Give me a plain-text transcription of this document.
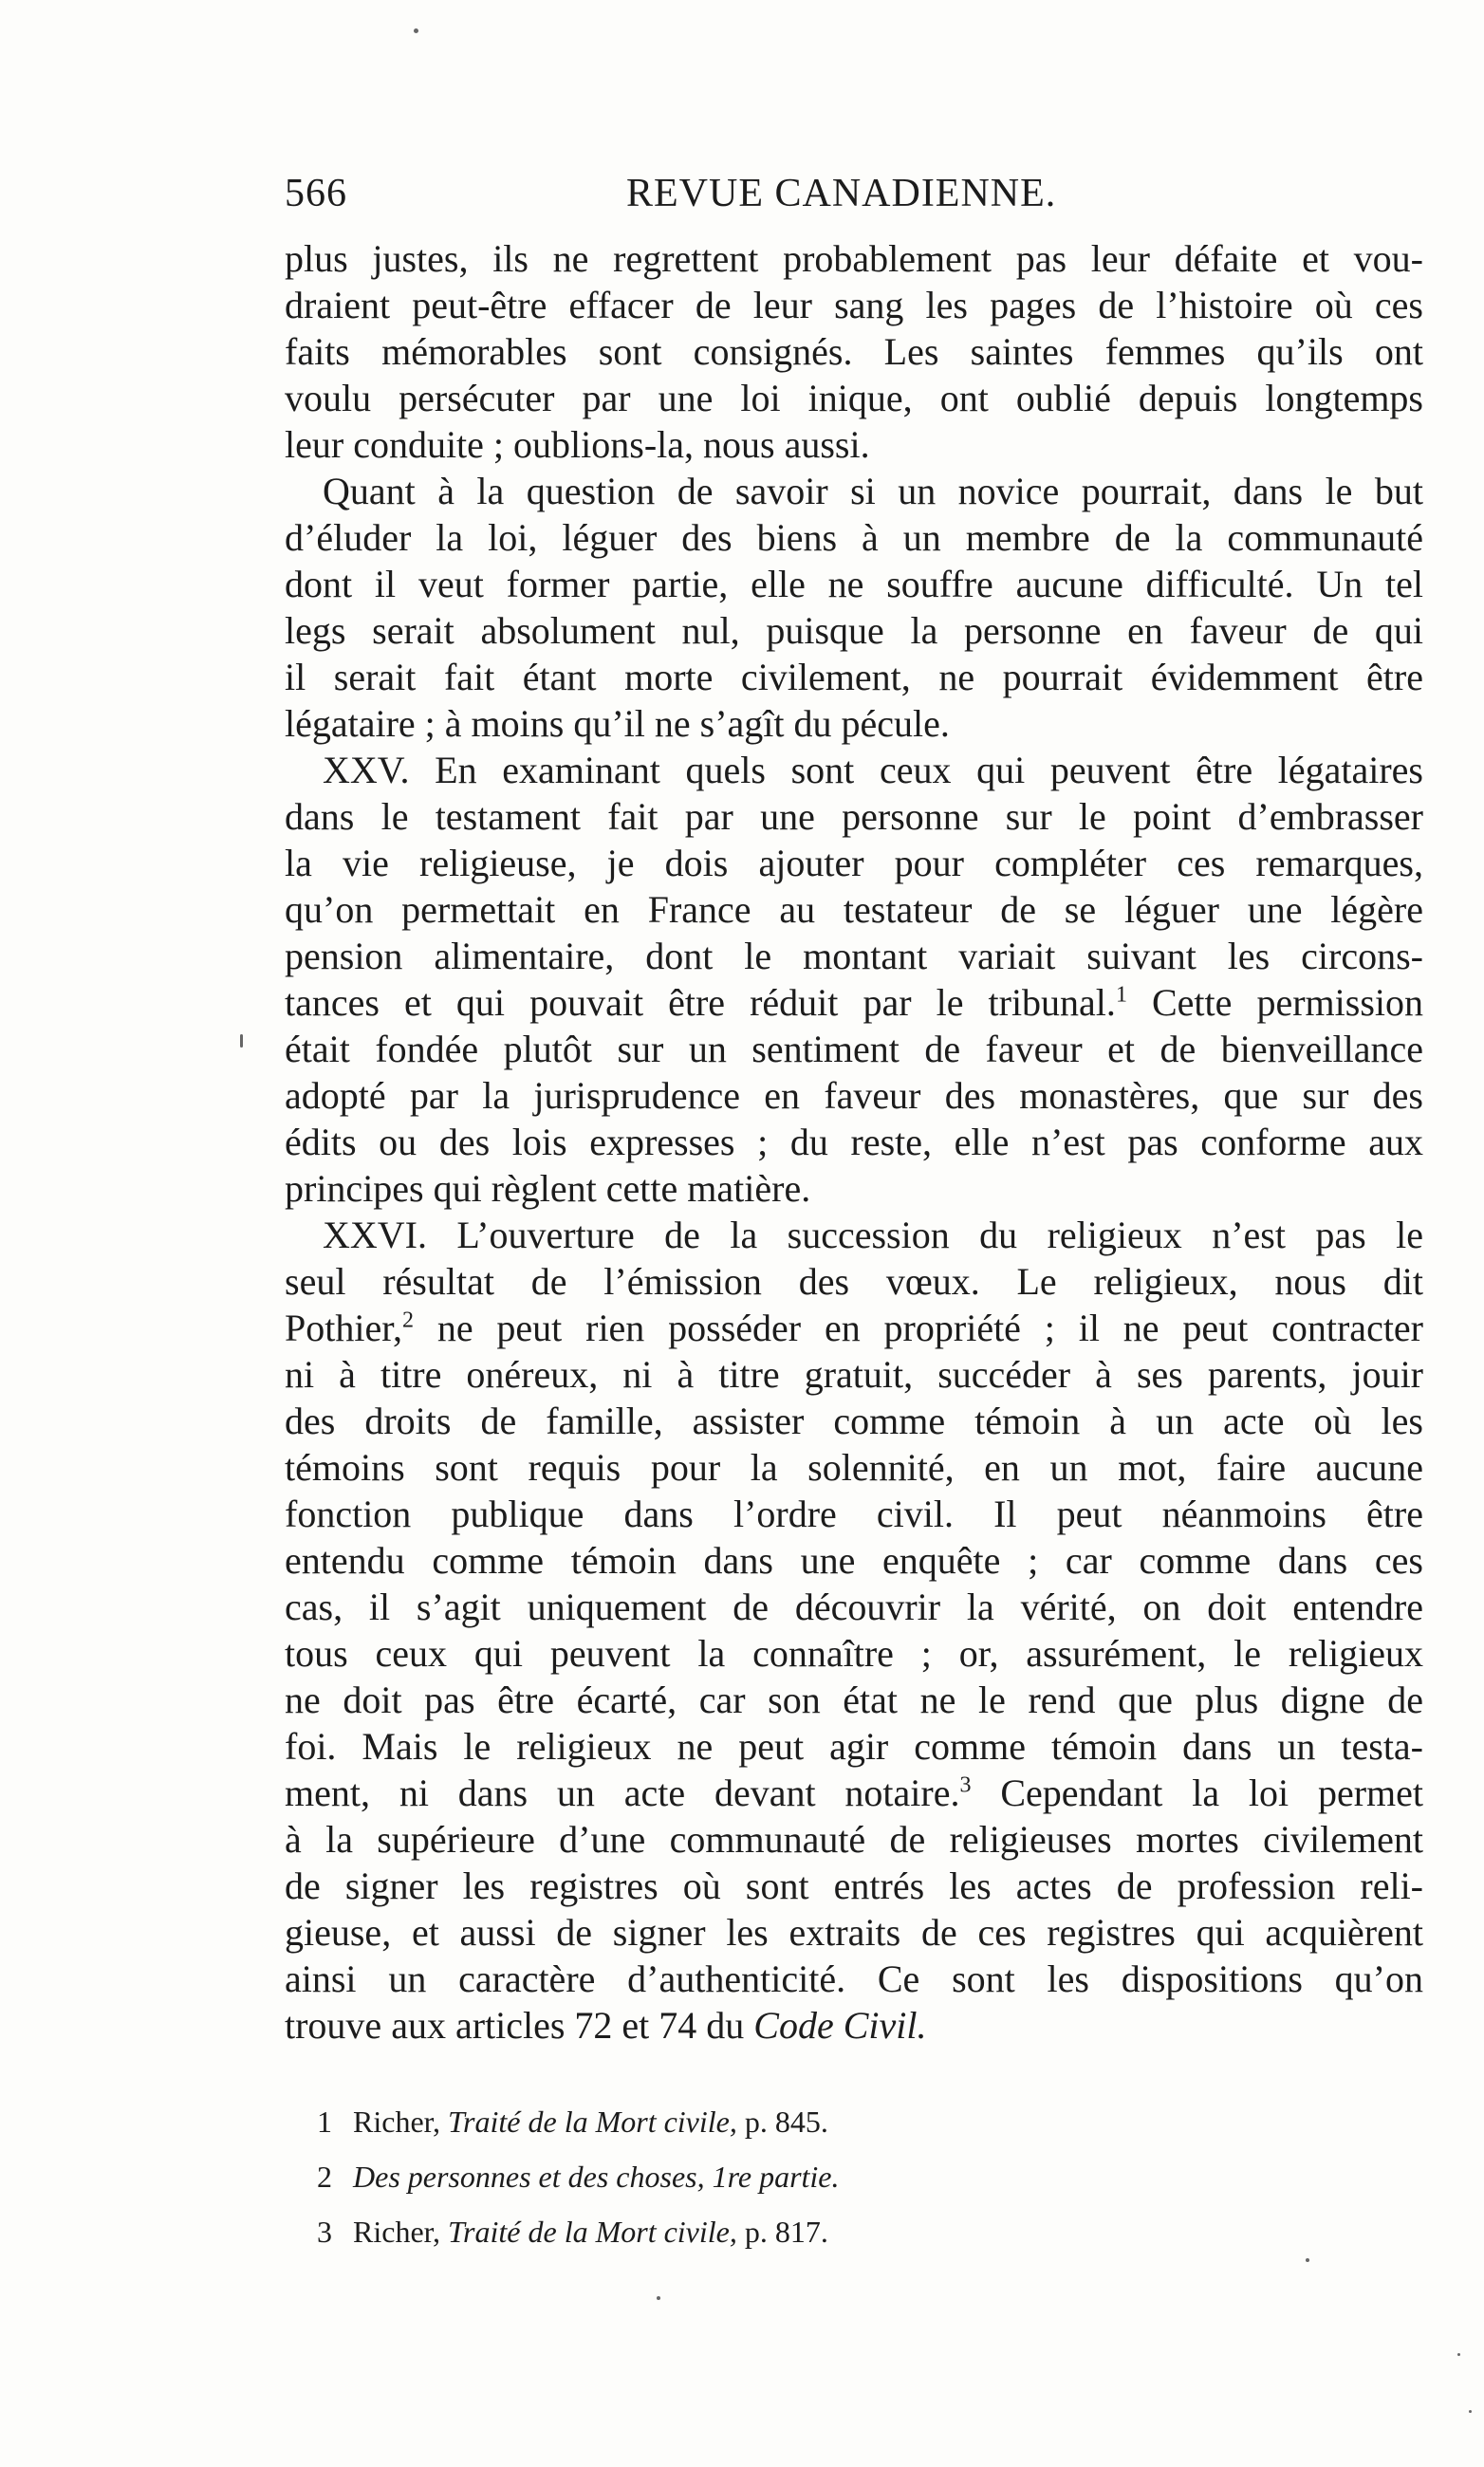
566	REVUE CANADIENNE.
plus justes, ils ne regrettent probablement pas leur défaite et vou-
draient peut-être effacer de leur sang les pages de l’histoire où ces
faits mémorables sont consignés. Les saintes femmes qu’ils ont
voulu persécuter par une loi inique, ont oublié depuis longtemps
leur conduite ; oublions-la, nous aussi.
Quant à la question de savoir si un novice pourrait, dans le but
d’éluder la loi, léguer des biens à un membre de la communauté
dont il veut former partie, elle ne souffre aucune difficulté. Un tel
legs serait absolument nul, puisque la personne en faveur de qui
il serait fait étant morte civilement, ne pourrait évidemment être
légataire ; à moins qu’il ne s’agît du pécule.
XXV. En examinant quels sont ceux qui peuvent être légataires
dans le testament fait par une personne sur le point d’embrasser
la vie religieuse, je dois ajouter pour compléter ces remarques,
qu’on permettait en France au testateur de se léguer une légère
pension alimentaire, dont le montant variait suivant les circons-
tances et qui pouvait être réduit par le tribunal.$^1$ Cette permission
était fondée plutôt sur un sentiment de faveur et de bienveillance
adopté par la jurisprudence en faveur des monastères, que sur des
édits ou des lois expresses ; du reste, elle n’est pas conforme aux
principes qui règlent cette matière.
XXVI. L’ouverture de la succession du religieux n’est pas le
seul résultat de l’émission des vœux. Le religieux, nous dit
Pothier,$^2$ ne peut rien posséder en propriété ; il ne peut contracter
ni à titre onéreux, ni à titre gratuit, succéder à ses parents, jouir
des droits de famille, assister comme témoin à un acte où les
témoins sont requis pour la solennité, en un mot, faire aucune
fonction publique dans l’ordre civil. Il peut néanmoins être
entendu comme témoin dans une enquête ; car comme dans ces
cas, il s’agit uniquement de découvrir la vérité, on doit entendre
tous ceux qui peuvent la connaître ; or, assurément, le religieux
ne doit pas être écarté, car son état ne le rend que plus digne de
foi. Mais le religieux ne peut agir comme témoin dans un testa-
ment, ni dans un acte devant notaire.$^3$ Cependant la loi permet
à la supérieure d’une communauté de religieuses mortes civilement
de signer les registres où sont entrés les actes de profession reli-
gieuse, et aussi de signer les extraits de ces registres qui acquièrent
ainsi un caractère d’authenticité. Ce sont les dispositions qu’on
trouve aux articles 72 et 74 du Code Civil.
1 Richer, Traité de la Mort civile, p. 845.
2 Des personnes et des choses, 1re partie.
3 Richer, Traité de la Mort civile, p. 817.
